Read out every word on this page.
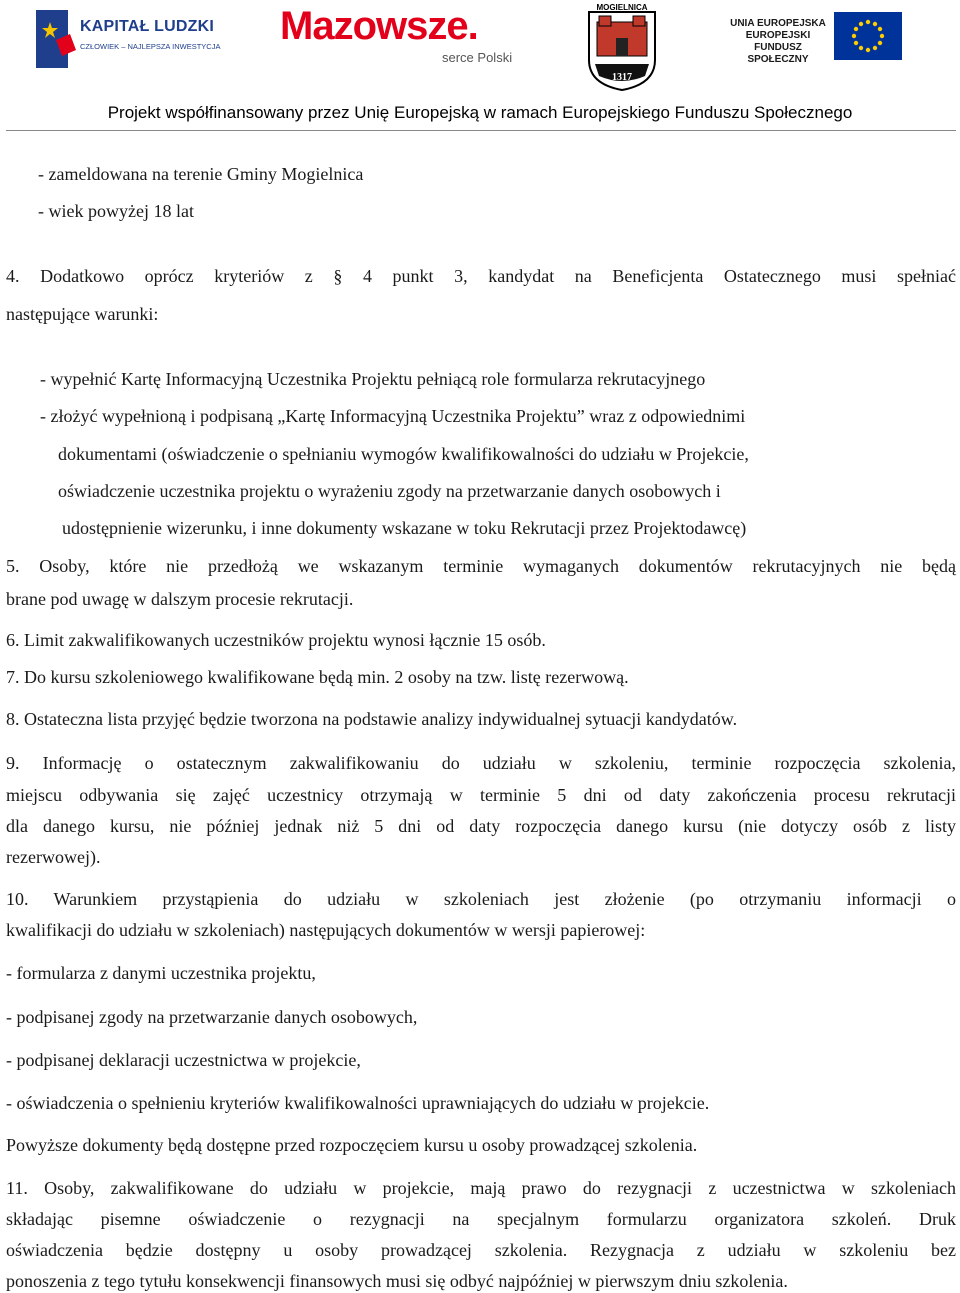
KAPITAŁ LUDZKI
CZŁOWIEK – NAJLEPSZA INWESTYCJA Mazowsze.
serce Polski
MOGIELNICA
1317
UNIA EUROPEJSKA
EUROPEJSKI
FUNDUSZ SPOŁECZNY
Projekt współfinansowany przez Unię Europejską w ramach Europejskiego Funduszu Społecznego

- zameldowana na terenie Gminy Mogielnica

- wiek powyżej 18 lat

4. Dodatkowo oprócz kryteriów z § 4 punkt 3, kandydat na Beneficjenta Ostatecznego musi spełniać

następujące warunki:

- wypełnić Kartę Informacyjną Uczestnika Projektu pełniącą role formularza rekrutacyjnego

- złożyć wypełnioną i podpisaną „Kartę Informacyjną Uczestnika Projektu” wraz z odpowiednimi

dokumentami (oświadczenie o spełnianiu wymogów kwalifikowalności do udziału w Projekcie,

oświadczenie uczestnika projektu o wyrażeniu zgody na przetwarzanie danych osobowych i

udostępnienie wizerunku, i inne dokumenty wskazane w toku Rekrutacji przez Projektodawcę)

5. Osoby, które nie przedłożą we wskazanym terminie wymaganych dokumentów rekrutacyjnych nie będą

brane pod uwagę w dalszym procesie rekrutacji.

6. Limit zakwalifikowanych uczestników projektu wynosi łącznie 15 osób.

7. Do kursu szkoleniowego kwalifikowane będą min. 2 osoby na tzw. listę rezerwową.

8. Ostateczna lista przyjęć będzie tworzona na podstawie analizy indywidualnej sytuacji kandydatów.

9. Informację o ostatecznym zakwalifikowaniu do udziału w szkoleniu, terminie rozpoczęcia szkolenia,

miejscu odbywania się zajęć uczestnicy otrzymają w terminie 5 dni od daty zakończenia procesu rekrutacji

dla danego kursu, nie później jednak niż 5 dni od daty rozpoczęcia danego kursu (nie dotyczy osób z listy

rezerwowej).

10. Warunkiem przystąpienia do udziału w szkoleniach jest złożenie (po otrzymaniu informacji o

kwalifikacji do udziału w szkoleniach) następujących dokumentów w wersji papierowej:

- formularza z danymi uczestnika projektu,

- podpisanej zgody na przetwarzanie danych osobowych,

- podpisanej deklaracji uczestnictwa w projekcie,

- oświadczenia o spełnieniu kryteriów kwalifikowalności uprawniających do udziału w projekcie.

Powyższe dokumenty będą dostępne przed rozpoczęciem kursu u osoby prowadzącej szkolenia.

11. Osoby, zakwalifikowane do udziału w projekcie, mają prawo do rezygnacji z uczestnictwa w szkoleniach

składając pisemne oświadczenie o rezygnacji na specjalnym formularzu organizatora szkoleń. Druk

oświadczenia będzie dostępny u osoby prowadzącej szkolenia. Rezygnacja z udziału w szkoleniu bez

ponoszenia z tego tytułu konsekwencji finansowych musi się odbyć najpóźniej w pierwszym dniu szkolenia.
